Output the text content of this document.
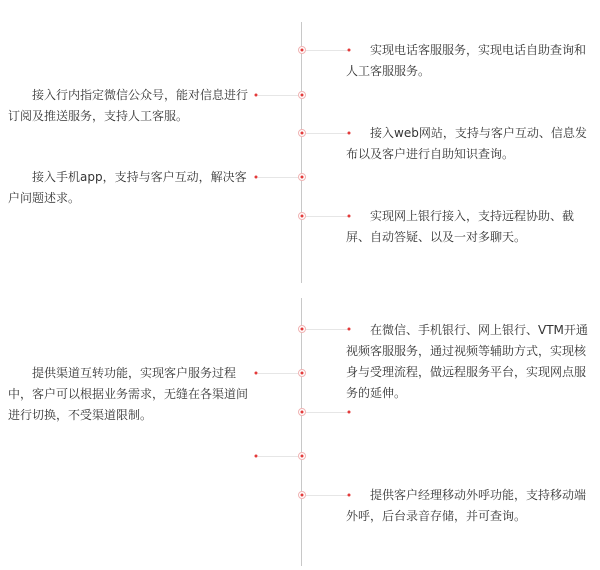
实现电话客服服务，实现电话自助查询和人工客服服务。
接入行内指定微信公众号，能对信息进行订阅及推送服务，支持人工客服。
接入web网站，支持与客户互动、信息发布以及客户进行自助知识查询。
接入手机app，支持与客户互动，解决客户问题述求。
实现网上银行接入，支持远程协助、截屏、自动答疑、以及一对多聊天。
在微信、手机银行、网上银行、VTM开通视频客服服务，通过视频等辅助方式，实现核身与受理流程，做远程服务平台，实现网点服务的延伸。
提供渠道互转功能，实现客户服务过程中，客户可以根据业务需求，无缝在各渠道间进行切换，不受渠道限制。
提供客户经理移动外呼功能，支持移动端外呼，后台录音存储，并可查询。
